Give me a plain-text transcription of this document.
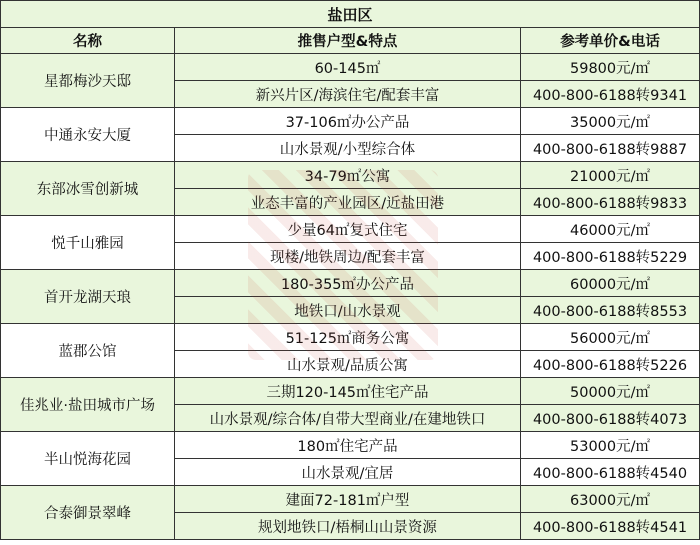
盐田区		
名称	推售户型&特点	参考单价&电话
星都梅沙天邸	60-145㎡	59800元/㎡
	新兴片区/海滨住宅/配套丰富	400-800-6188转9341
中通永安大厦	37-106㎡办公产品	35000元/㎡
	山水景观/小型综合体	400-800-6188转9887
东部冰雪创新城	34-79㎡公寓	21000元/㎡
	业态丰富的产业园区/近盐田港	400-800-6188转9833
悦千山雅园	少量64㎡复式住宅	46000元/㎡
	现楼/地铁周边/配套丰富	400-800-6188转5229
首开龙湖天琅	180-355㎡办公产品	60000元/㎡
	地铁口/山水景观	400-800-6188转8553
蓝郡公馆	51-125㎡商务公寓	56000元/㎡
	山水景观/品质公寓	400-800-6188转5226
佳兆业·盐田城市广场	三期120-145㎡住宅产品	50000元/㎡
	山水景观/综合体/自带大型商业/在建地铁口	400-800-6188转4073
半山悦海花园	180㎡住宅产品	53000元/㎡
	山水景观/宜居	400-800-6188转4540
合泰御景翠峰	建面72-181㎡户型	63000元/㎡
	规划地铁口/梧桐山山景资源	400-800-6188转4541
